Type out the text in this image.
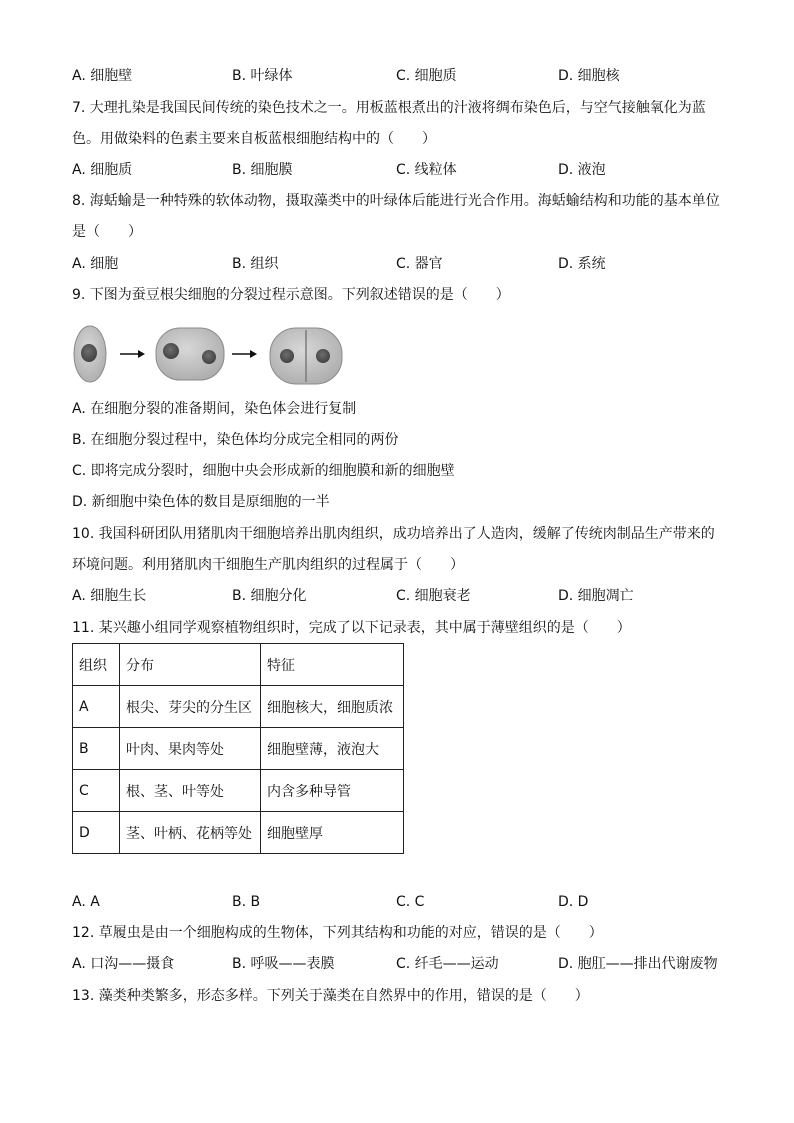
A. 细胞壁	B. 叶绿体	C. 细胞质	D. 细胞核
7. 大理扎染是我国民间传统的染色技术之一。用板蓝根煮出的汁液将绸布染色后，与空气接触氧化为蓝
色。用做染料的色素主要来自板蓝根细胞结构中的（　　）
A. 细胞质	B. 细胞膜	C. 线粒体	D. 液泡
8. 海蛞蝓是一种特殊的软体动物，摄取藻类中的叶绿体后能进行光合作用。海蛞蝓结构和功能的基本单位
是（　　）
A. 细胞	B. 组织	C. 器官	D. 系统
9. 下图为蚕豆根尖细胞的分裂过程示意图。下列叙述错误的是（　　）
A. 在细胞分裂的准备期间，染色体会进行复制
B. 在细胞分裂过程中，染色体均分成完全相同的两份
C. 即将完成分裂时，细胞中央会形成新的细胞膜和新的细胞壁
D. 新细胞中染色体的数目是原细胞的一半
10. 我国科研团队用猪肌肉干细胞培养出肌肉组织，成功培养出了人造肉，缓解了传统肉制品生产带来的
环境问题。利用猪肌肉干细胞生产肌肉组织的过程属于（　　）
A. 细胞生长	B. 细胞分化	C. 细胞衰老	D. 细胞凋亡
11. 某兴趣小组同学观察植物组织时，完成了以下记录表，其中属于薄壁组织的是（　　）
组织	分布	特征
A	根尖、芽尖的分生区	细胞核大，细胞质浓
B	叶肉、果肉等处	细胞壁薄，液泡大
C	根、茎、叶等处	内含多种导管
D	茎、叶柄、花柄等处	细胞壁厚
A. A	B. B	C. C	D. D
12. 草履虫是由一个细胞构成的生物体，下列其结构和功能的对应，错误的是（　　）
A. 口沟——摄食	B. 呼吸——表膜	C. 纤毛——运动	D. 胞肛——排出代谢废物
13. 藻类种类繁多，形态多样。下列关于藻类在自然界中的作用，错误的是（　　）
